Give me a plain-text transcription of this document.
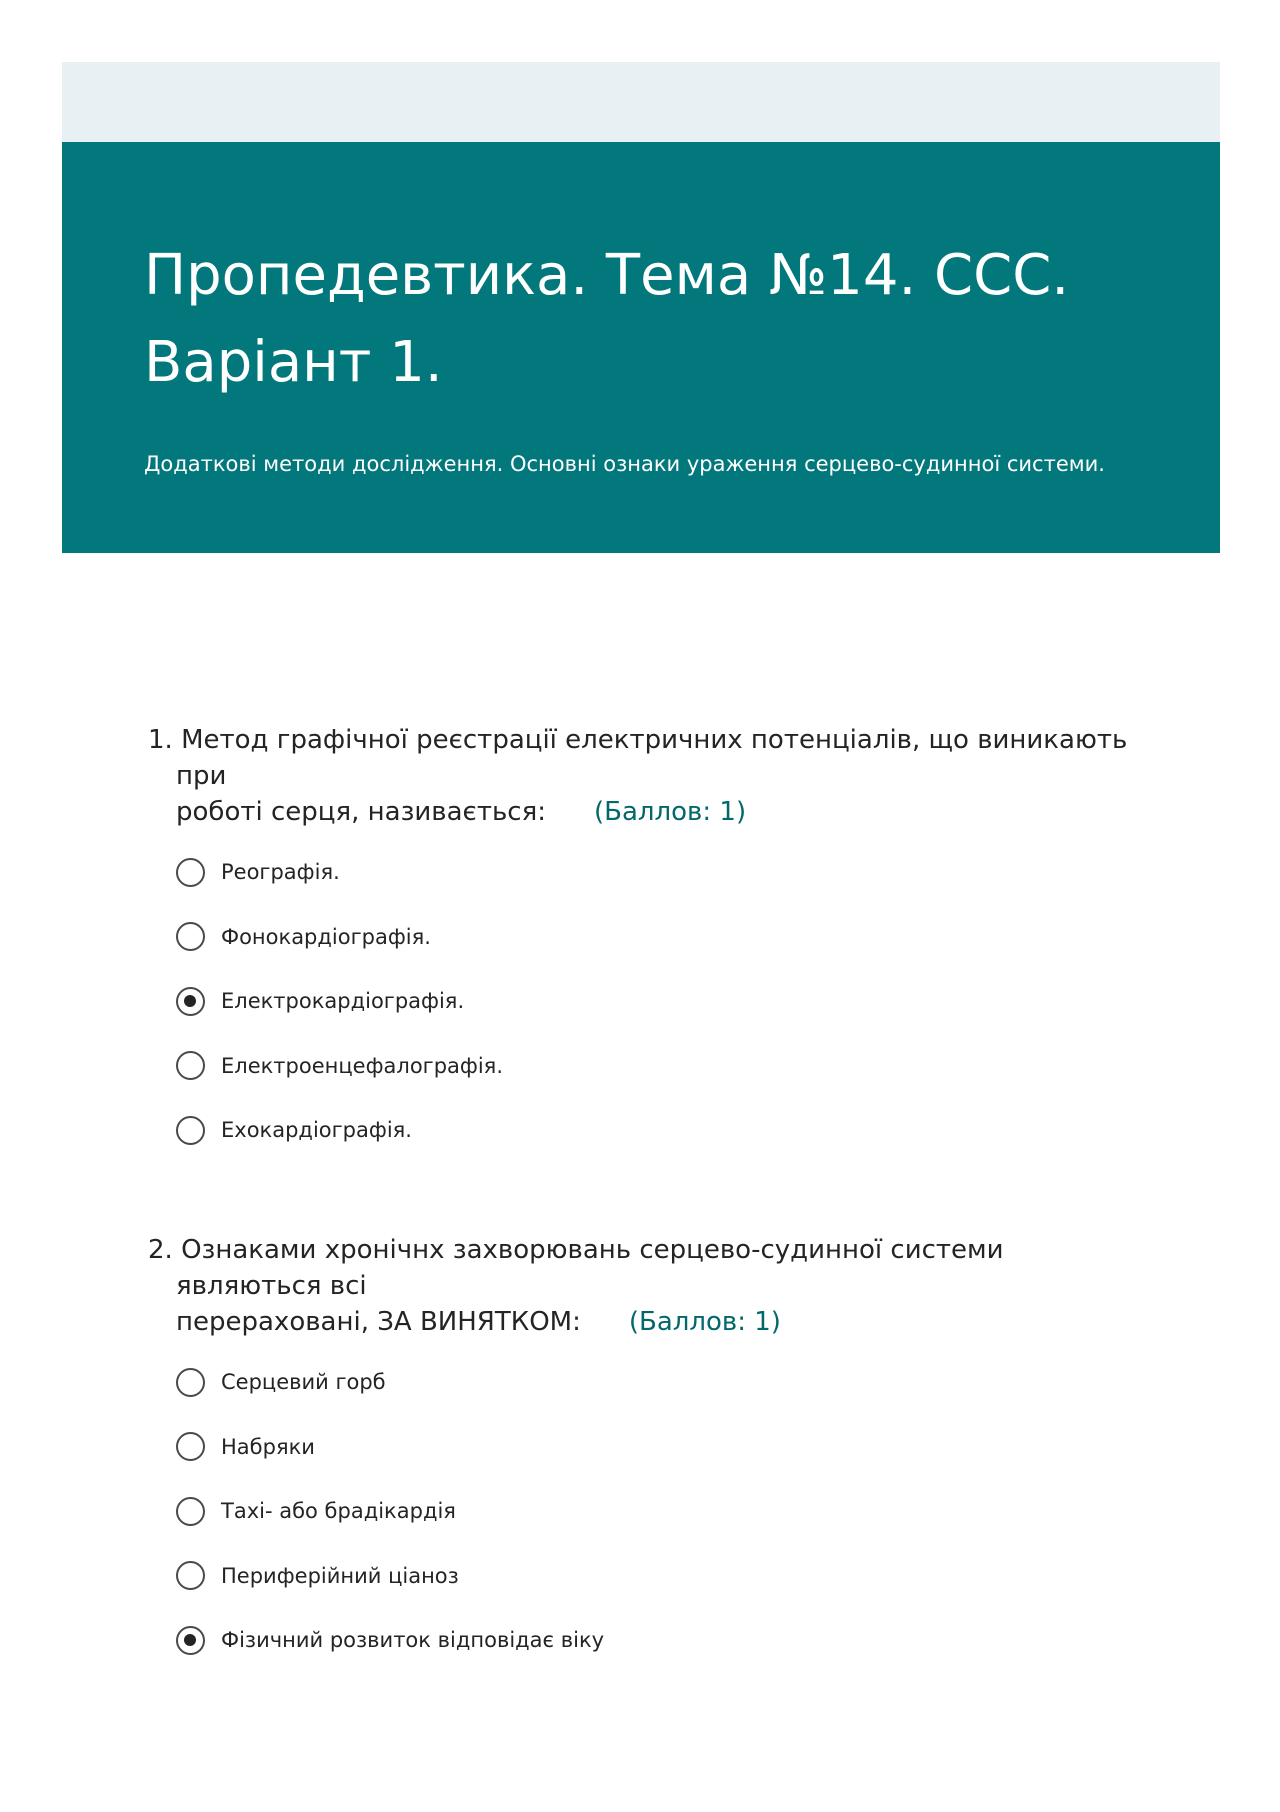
Пропедевтика. Тема №14. ССС.
Варіант 1.

Додаткові методи дослідження. Основні ознаки ураження серцево-судинної системи.

1. Метод графічної реєстрації електричних потенціалів, що виникають при
роботі серця, називається: (Баллов: 1)

Реографія.
Фонокардіографія.
Електрокардіографія.
Електроенцефалографія.
Ехокардіографія.

2. Ознаками хронічнх захворювань серцево-судинної системи являються всі
перераховані, ЗА ВИНЯТКОМ: (Баллов: 1)

Серцевий горб
Набряки
Тахі- або брадікардія
Периферійний ціаноз
Фізичний розвиток відповідає віку
